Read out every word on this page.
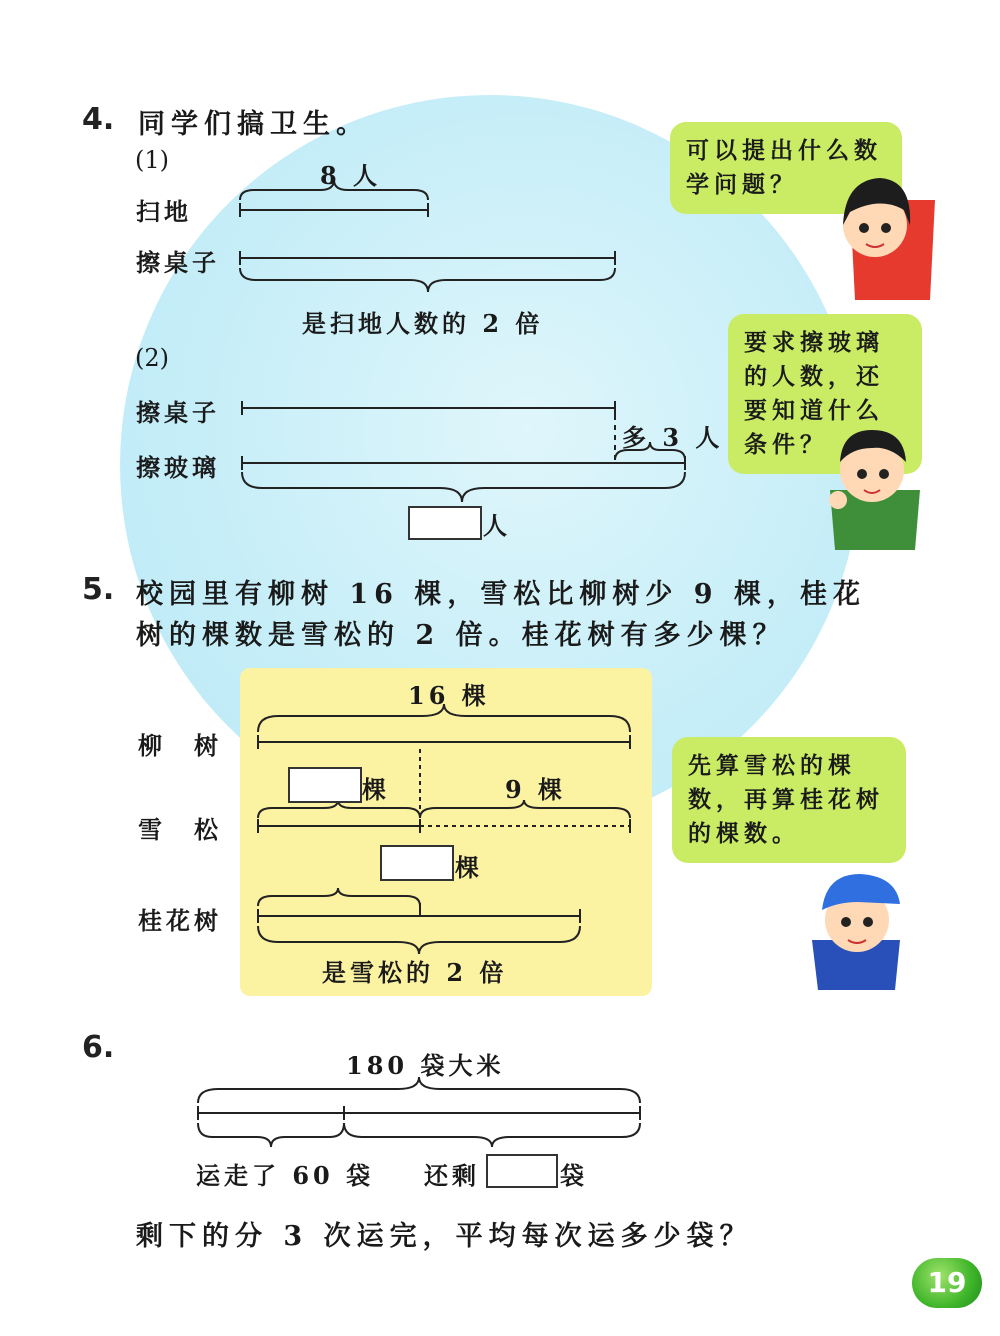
4. 同学们搞卫生。
(1)
8 人
扫地
擦桌子
是扫地人数的 2 倍
(2)
擦桌子
擦玻璃
多 3 人
人
可以提出什么数学问题？
要求擦玻璃的人数，还要知道什么条件？
先算雪松的棵数，再算桂花树的棵数。
5. 校园里有柳树 16 棵，雪松比柳树少 9 棵，桂花
树的棵数是雪松的 2 倍。桂花树有多少棵？
16 棵
柳　树
棵	9 棵
雪　松
棵
桂花树
是雪松的 2 倍
6.
180 袋大米
运走了 60 袋 还剩	袋
剩下的分 3 次运完，平均每次运多少袋？
19
